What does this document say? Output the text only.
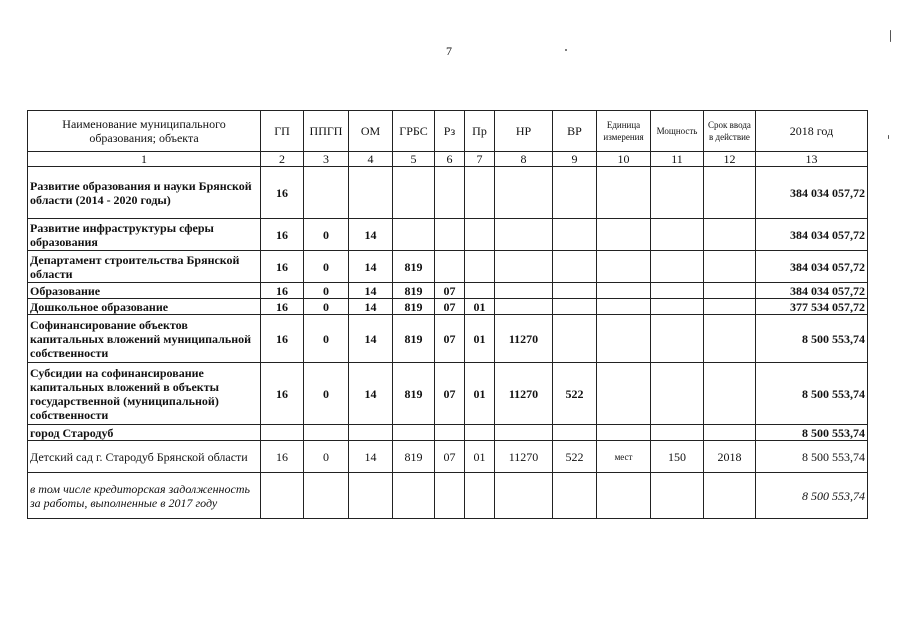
7
Наименование муниципального образования; объекта	ГП	ППГП	ОМ	ГРБС	Рз	Пр	НР	ВР	Единица измерения	Мощность	Срок ввода в действие	2018 год
1	2	3	4	5	6	7	8	9	10	11	12	13
Развитие образования и науки Брянской области (2014 - 2020 годы)	16											384 034 057,72
Развитие инфраструктуры сферы образования	16	0	14									384 034 057,72
Департамент строительства Брянской области	16	0	14	819								384 034 057,72
Образование	16	0	14	819	07							384 034 057,72
Дошкольное образование	16	0	14	819	07	01						377 534 057,72
Софинансирование объектов капитальных вложений муниципальной собственности	16	0	14	819	07	01	11270					8 500 553,74
Субсидии на софинансирование капитальных вложений в объекты государственной (муниципальной) собственности	16	0	14	819	07	01	11270	522				8 500 553,74
город Стародуб												8 500 553,74
Детский сад г. Стародуб Брянской области	16	0	14	819	07	01	11270	522	мест	150	2018	8 500 553,74
в том числе кредиторская задолженность за работы, выполненные в 2017 году												8 500 553,74
